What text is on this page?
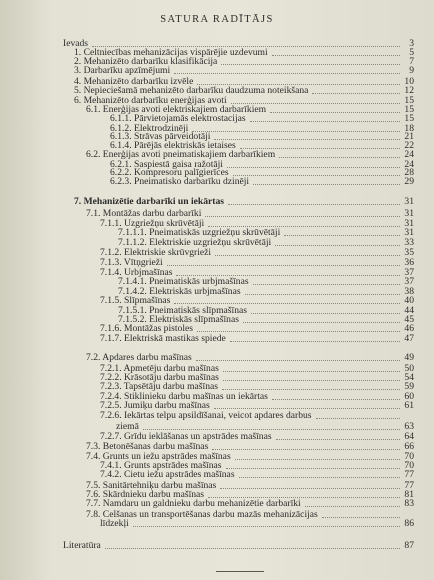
SATURA RADĪTĀJS
Ievads	3
1. Celtniecības mehanizācijas vispārējie uzdevumi	5
2. Mehanizēto darbarīku klasifikācija	7
3. Darbarīku apzīmējumi	9
4. Mehanizēto darbarīku izvēle	10
5. Nepieciešamā mehanizēto darbarīku daudzuma noteikšana	12
6. Mehanizēto darbarīku enerģijas avoti	15
6.1. Enerģijas avoti elektriskajiem darbarīkiem	15
6.1.1. Pārvietojamās elektrostacijas	15
6.1.2. Elektrodzinēji	18
6.1.3. Strāvas pārveidotāji	21
6.1.4. Pārējās elektriskās ietaises	22
6.2. Enerģijas avoti pneimatiskajiem darbarīkiem	24
6.2.1. Saspiestā gaisa ražotāji	24
6.2.2. Kompresoru palīgierīces	28
6.2.3. Pneimatisko darbarīku dzinēji	29
7. Mehanizētie darbarīki un iekārtas	31
7.1. Montāžas darbu darbarīki	31
7.1.1. Uzgriežņu skrūvētāji	31
7.1.1.1. Pneimatiskās uzgriežņu skrūvētāji	31
7.1.1.2. Elektriskie uzgriežņu skrūvētāji	33
7.1.2. Elektriskie skrūvgrieži	35
7.1.3. Vītņgrieži	36
7.1.4. Urbjmašīnas	37
7.1.4.1. Pneimatiskās urbjmašīnas	37
7.1.4.2. Elektriskās urbjmašīnas	38
7.1.5. Slīpmašīnas	40
7.1.5.1. Pneimatiskās slīpmašīnas	44
7.1.5.2. Elektriskās slīpmašīnas	45
7.1.6. Montāžas pistoles	46
7.1.7. Elektriskā mastikas spiede	47
7.2. Apdares darbu mašīnas	49
7.2.1. Apmetēju darbu mašīnas	50
7.2.2. Krāsotāju darbu mašīnas	54
7.2.3. Tapsētāju darbu mašīnas	59
7.2.4. Stiklinieku darbu mašīnas un iekārtas	60
7.2.5. Jumiķu darbu mašīnas	61
7.2.6. Iekārtas telpu apsildīšanai, veicot apdares darbus
ziemā	63
7.2.7. Grīdu ieklāšanas un apstrādes mašīnas	64
7.3. Betonēšanas darbu mašīnas	66
7.4. Grunts un iežu apstrādes mašīnas	70
7.4.1. Grunts apstrādes mašīnas	70
7.4.2. Cietu iežu apstrādes mašīnas	77
7.5. Sanitārtehniķu darbu mašīnas	77
7.6. Skārdnieku darbu mašīnas	81
7.7. Namdaru un galdnieku darbu mehanizētie darbarīki	83
7.8. Celšanas un transportēšanas darbu mazās mehanizācijas
līdzekļi	86
Literatūra	87
